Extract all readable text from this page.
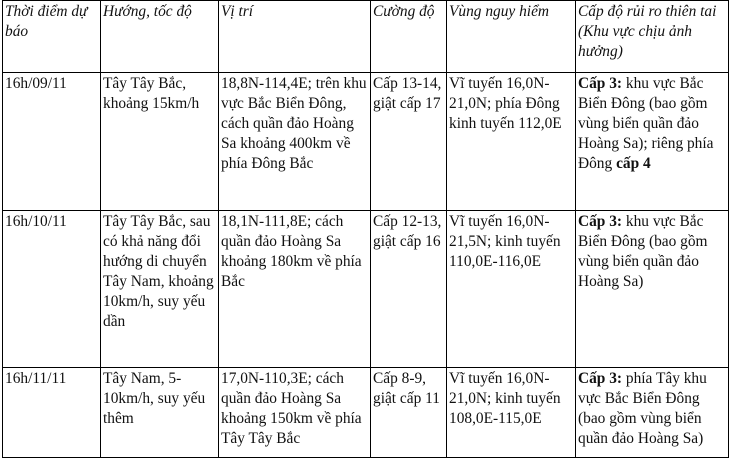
Thời điểm dự báo	Hướng, tốc độ	Vị trí	Cường độ	Vùng nguy hiểm	Cấp độ rủi ro thiên tai (Khu vực chịu ảnh hưởng)
16h/09/11	Tây Tây Bắc, khoảng 15km/h	18,8N-114,4E; trên khu vực Bắc Biển Đông, cách quần đảo Hoàng Sa khoảng 400km về phía Đông Bắc	Cấp 13-14, giật cấp 17	Vĩ tuyến 16,0N-21,0N; phía Đông kinh tuyến 112,0E	Cấp 3: khu vực Bắc Biển Đông (bao gồm vùng biển quần đảo Hoàng Sa); riêng phía Đông cấp 4
16h/10/11	Tây Tây Bắc, sau có khả năng đổi hướng di chuyển Tây Nam, khoảng 10km/h, suy yếu dần	18,1N-111,8E; cách quần đảo Hoàng Sa khoảng 180km về phía Bắc	Cấp 12-13, giật cấp 16	Vĩ tuyến 16,0N-21,5N; kinh tuyến 110,0E-116,0E	Cấp 3: khu vực Bắc Biển Đông (bao gồm vùng biển quần đảo Hoàng Sa)
16h/11/11	Tây Nam, 5-10km/h, suy yếu thêm	17,0N-110,3E; cách quần đảo Hoàng Sa khoảng 150km về phía Tây Tây Bắc	Cấp 8-9, giật cấp 11	Vĩ tuyến 16,0N-21,0N; kinh tuyến 108,0E-115,0E	Cấp 3: phía Tây khu vực Bắc Biển Đông (bao gồm vùng biển quần đảo Hoàng Sa)
